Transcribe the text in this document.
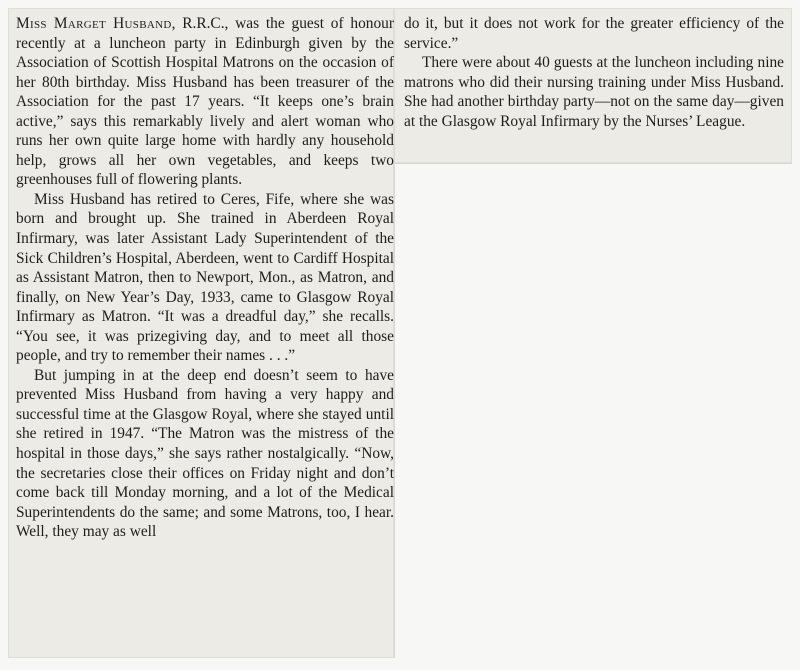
Miss Marget Husband, R.R.C., was the guest of honour recently at a luncheon party in Edinburgh given by the Association of Scottish Hospital Matrons on the occasion of her 80th birthday. Miss Husband has been treasurer of the Association for the past 17 years. “It keeps one’s brain active,” says this remarkably lively and alert woman who runs her own quite large home with hardly any household help, grows all her own vegetables, and keeps two greenhouses full of flowering plants.

Miss Husband has retired to Ceres, Fife, where she was born and brought up. She trained in Aberdeen Royal Infirmary, was later Assistant Lady Superintendent of the Sick Children’s Hospital, Aberdeen, went to Cardiff Hospital as Assistant Matron, then to Newport, Mon., as Matron, and finally, on New Year’s Day, 1933, came to Glasgow Royal Infirmary as Matron. “It was a dreadful day,” she recalls. “You see, it was prizegiving day, and to meet all those people, and try to remember their names . . .”

But jumping in at the deep end doesn’t seem to have prevented Miss Husband from having a very happy and successful time at the Glasgow Royal, where she stayed until she retired in 1947. “The Matron was the mistress of the hospital in those days,” she says rather nostalgically. “Now, the secretaries close their offices on Friday night and don’t come back till Monday morning, and a lot of the Medical Superintendents do the same; and some Matrons, too, I hear. Well, they may as well

do it, but it does not work for the greater efficiency of the service.”

There were about 40 guests at the luncheon including nine matrons who did their nursing training under Miss Husband. She had another birthday party—not on the same day—given at the Glasgow Royal Infirmary by the Nurses’ League.
